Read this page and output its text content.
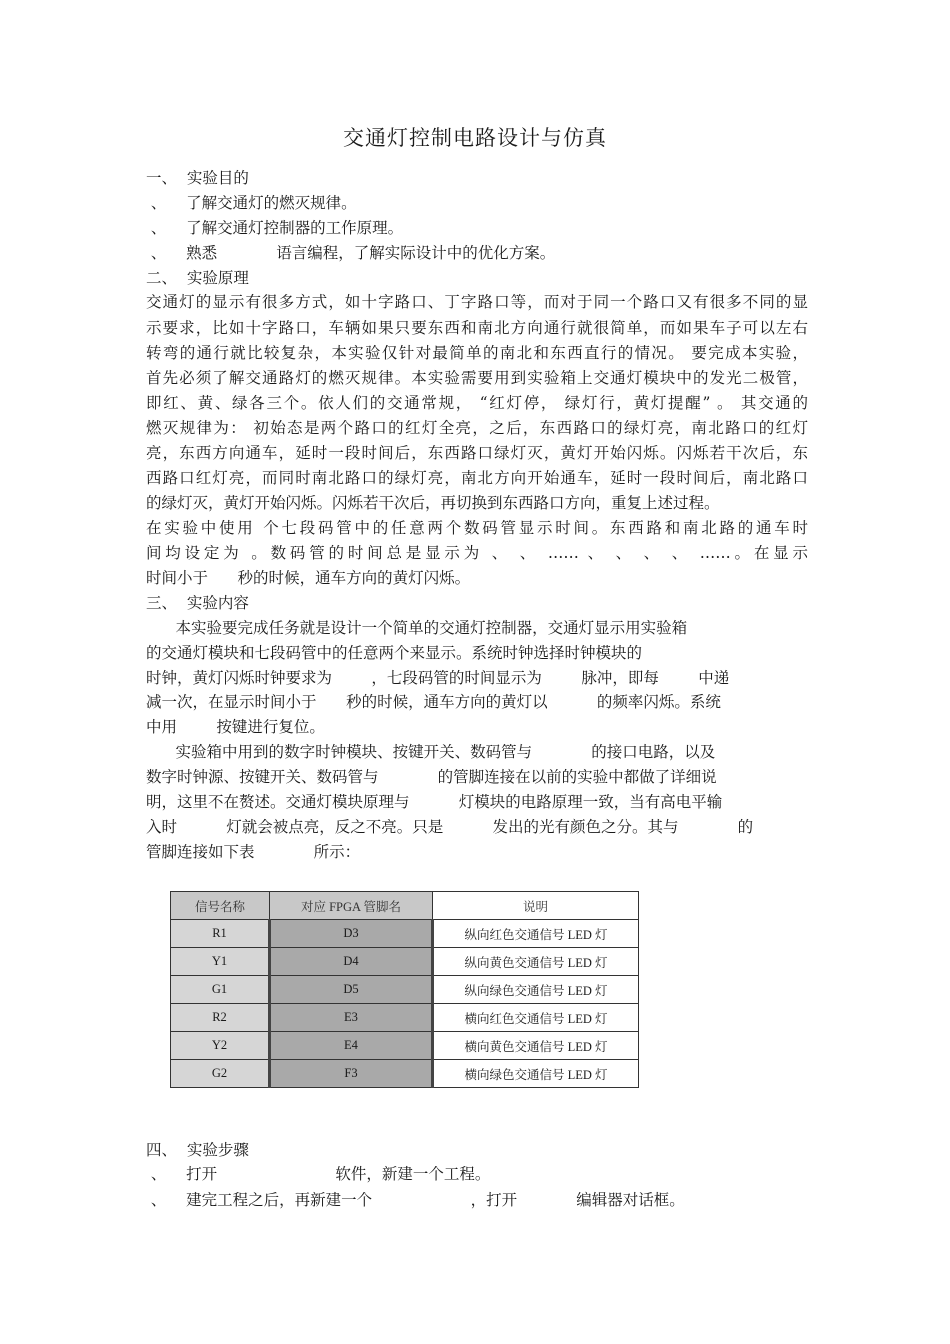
交通灯控制电路设计与仿真
一、  实验目的
、    了解交通灯的燃灭规律。
、    了解交通灯控制器的工作原理。
、    熟悉            语言编程，了解实际设计中的优化方案。
二、  实验原理
交通灯的显示有很多方式，如十字路口、丁字路口等，而对于同一个路口又有很多不同的显
示要求，比如十字路口，车辆如果只要东西和南北方向通行就很简单，而如果车子可以左右
转弯的通行就比较复杂，本实验仅针对最简单的南北和东西直行的情况。 要完成本实验，
首先必须了解交通路灯的燃灭规律。本实验需要用到实验箱上交通灯模块中的发光二极管，
即红、黄、绿各三个。依人们的交通常规， “红灯停， 绿灯行，黄灯提醒” 。 其交通的
燃灭规律为： 初始态是两个路口的红灯全亮，之后，东西路口的绿灯亮，南北路口的红灯
亮，东西方向通车，延时一段时间后，东西路口绿灯灭，黄灯开始闪烁。闪烁若干次后，东
西路口红灯亮，而同时南北路口的绿灯亮，南北方向开始通车，延时一段时间后，南北路口
的绿灯灭，黄灯开始闪烁。闪烁若干次后，再切换到东西路口方向，重复上述过程。
在实验中使用 个七段码管中的任意两个数码管显示时间。东西路和南北路的通车时
间均设定为 。数码管的时间总是显示为 、 、 …… 、 、 、 、 ……。在显示
时间小于      秒的时候，通车方向的黄灯闪烁。
三、  实验内容
本实验要完成任务就是设计一个简单的交通灯控制器，交通灯显示用实验箱
的交通灯模块和七段码管中的任意两个来显示。系统时钟选择时钟模块的
时钟，黄灯闪烁时钟要求为        ，七段码管的时间显示为        脉冲，即每        中递
减一次，在显示时间小于      秒的时候，通车方向的黄灯以          的频率闪烁。系统
中用        按键进行复位。
实验箱中用到的数字时钟模块、按键开关、数码管与            的接口电路，以及
数字时钟源、按键开关、数码管与            的管脚连接在以前的实验中都做了详细说
明，这里不在赘述。交通灯模块原理与          灯模块的电路原理一致，当有高电平输
入时          灯就会被点亮，反之不亮。只是          发出的光有颜色之分。其与            的
管脚连接如下表            所示：
信号名称	对应 FPGA 管脚名	说明
R1	D3	纵向红色交通信号 LED 灯
Y1	D4	纵向黄色交通信号 LED 灯
G1	D5	纵向绿色交通信号 LED 灯
R2	E3	横向红色交通信号 LED 灯
Y2	E4	横向黄色交通信号 LED 灯
G2	F3	横向绿色交通信号 LED 灯
四、  实验步骤
、    打开                        软件，新建一个工程。
、    建完工程之后，再新建一个                    ，打开            编辑器对话框。
